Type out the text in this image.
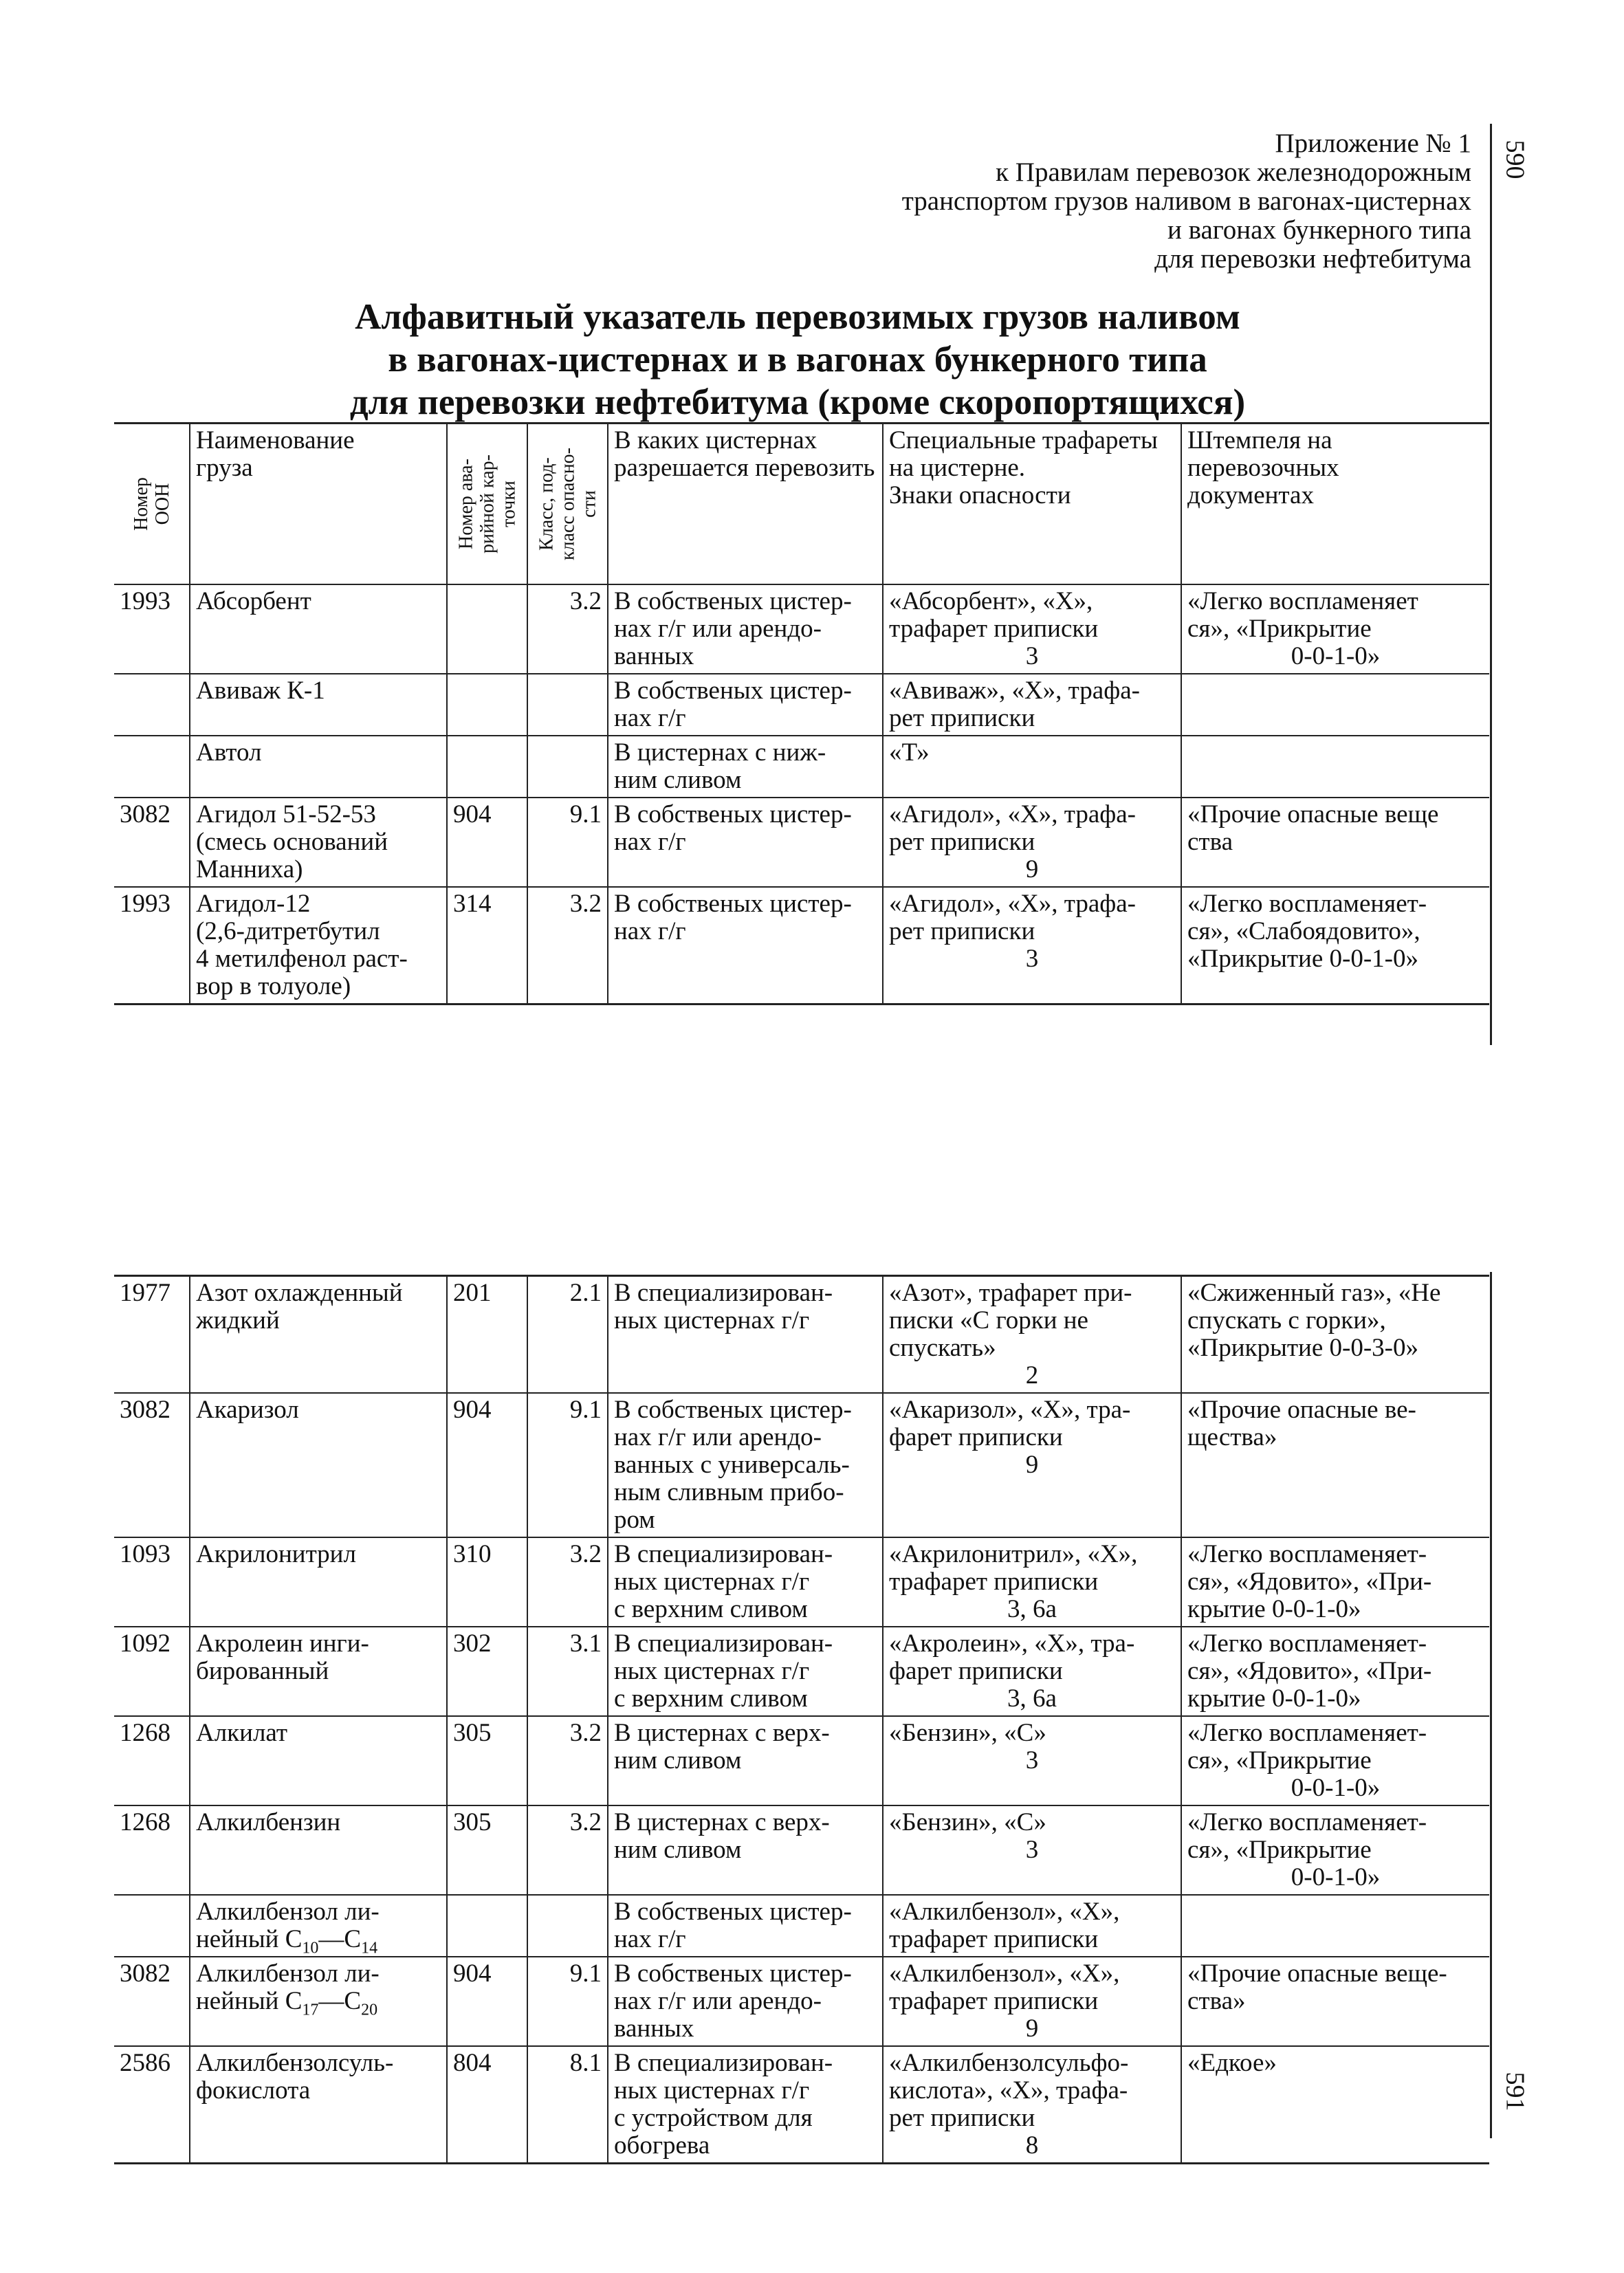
590
591
Приложение № 1
к Правилам перевозок железнодорожным
транспортом грузов наливом в вагонах-цистернах
и вагонах бункерного типа
для перевозки нефтебитума
Алфавитный указатель перевозимых грузов наливом
в вагонах-цистернах и в вагонах бункерного типа
для перевозки нефтебитума (кроме скоропортящихся)
Номер ООН	Наименование
груза	Номер ава- рийной кар- точки	Класс, под- класс опасно- сти	В каких цистернах
разрешается перевозить	Специальные трафареты
на цистерне.
Знаки опасности	Штемпеля на
перевозочных
документах

1993	Абсорбент		3.2	В собственых цистер-
нах г/г или арендо-
ванных	«Абсорбент», «Х»,
трафарет приписки
3	«Легко воспламеняет
ся», «Прикрытие
0-0-1-0»

	Авиваж К-1			В собственых цистер-
нах г/г	«Авиваж», «Х», трафа-
рет приписки	

	Автол			В цистернах с ниж-
ним сливом	«Т»	

3082	Агидол 51-52-53
(смесь оснований
Манниха)	904	9.1	В собственых цистер-
нах г/г	«Агидол», «Х», трафа-
рет приписки
9	«Прочие опасные веще
ства

1993	Агидол-12
(2,6-дитретбутил
4 метилфенол раст-
вор в толуоле)	314	3.2	В собственых цистер-
нах г/г	«Агидол», «Х», трафа-
рет приписки
3	«Легко воспламеняет-
ся», «Слабоядовито»,
«Прикрытие 0-0-1-0»
1977	Азот охлажденный
жидкий	201	2.1	В специализирован-
ных цистернах г/г	«Азот», трафарет при-
писки «С горки не
спускать»
2	«Сжиженный газ», «Не
спускать с горки»,
«Прикрытие 0-0-3-0»

3082	Акаризол	904	9.1	В собственых цистер-
нах г/г или арендо-
ванных с универсаль-
ным сливным прибо-
ром	«Акаризол», «Х», тра-
фарет приписки
9	«Прочие опасные ве-
щества»

1093	Акрилонитрил	310	3.2	В специализирован-
ных цистернах г/г
с верхним сливом	«Акрилонитрил», «Х»,
трафарет приписки
3, 6а	«Легко воспламеняет-
ся», «Ядовито», «При-
крытие 0-0-1-0»

1092	Акролеин инги-
бированный	302	3.1	В специализирован-
ных цистернах г/г
с верхним сливом	«Акролеин», «Х», тра-
фарет приписки
3, 6а	«Легко воспламеняет-
ся», «Ядовито», «При-
крытие 0-0-1-0»

1268	Алкилат	305	3.2	В цистернах с верх-
ним сливом	«Бензин», «С»
3	«Легко воспламеняет-
ся», «Прикрытие
0-0-1-0»

1268	Алкилбензин	305	3.2	В цистернах с верх-
ним сливом	«Бензин», «С»
3	«Легко воспламеняет-
ся», «Прикрытие
0-0-1-0»

	Алкилбензол ли-
нейный $С_{10}—С_{14}$			В собственых цистер-
нах г/г	«Алкилбензол», «Х»,
трафарет приписки	

3082	Алкилбензол ли-
нейный $С_{17}—С_{20}$	904	9.1	В собственых цистер-
нах г/г или арендо-
ванных	«Алкилбензол», «Х»,
трафарет приписки
9	«Прочие опасные веще-
ства»

2586	Алкилбензолсуль-
фокислота	804	8.1	В специализирован-
ных цистернах г/г
с устройством для
обогрева	«Алкилбензолсульфо-
кислота», «Х», трафа-
рет приписки
8	«Едкое»
